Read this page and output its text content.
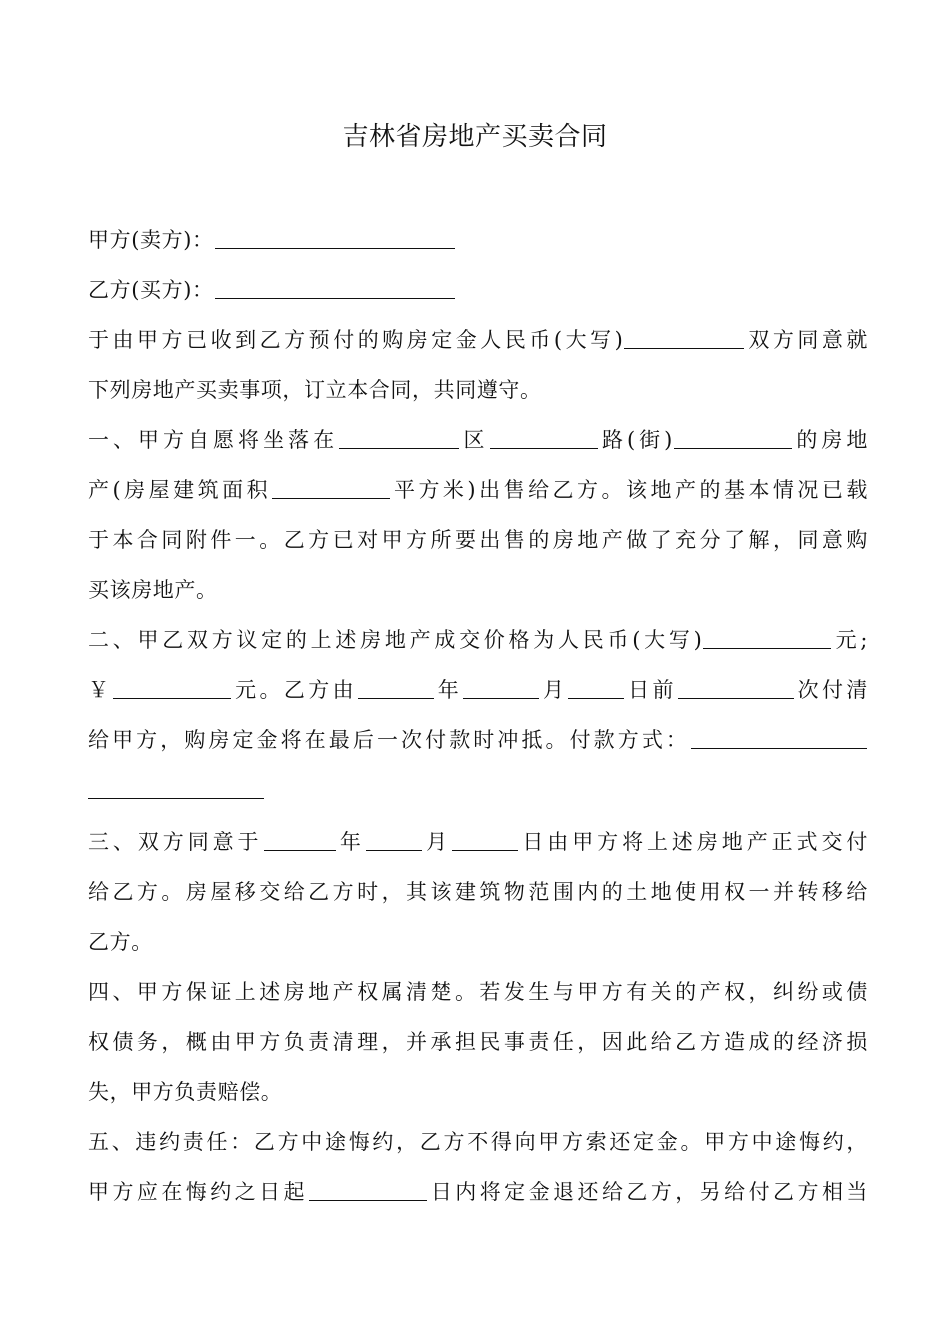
吉林省房地产买卖合同
甲方(卖方)：
乙方(买方)：
于由甲方已收到乙方预付的购房定金人民币(大写)	双方同意就
下列房地产买卖事项，订立本合同，共同遵守。
一、甲方自愿将坐落在	区	路(街)	的房地
产(房屋建筑面积	平方米)出售给乙方。该地产的基本情况已载
于本合同附件一。乙方已对甲方所要出售的房地产做了充分了解，同意购
买该房地产。
二、甲乙双方议定的上述房地产成交价格为人民币(大写)	元;
￥	元。乙方由	年	月	日前	次付清
给甲方，购房定金将在最后一次付款时冲抵。付款方式：
三、双方同意于	年	月	日由甲方将上述房地产正式交付
给乙方。房屋移交给乙方时，其该建筑物范围内的土地使用权一并转移给
乙方。
四、甲方保证上述房地产权属清楚。若发生与甲方有关的产权，纠纷或债
权债务，概由甲方负责清理，并承担民事责任，因此给乙方造成的经济损
失，甲方负责赔偿。
五、违约责任：乙方中途悔约，乙方不得向甲方索还定金。甲方中途悔约，
甲方应在悔约之日起	日内将定金退还给乙方，另给付乙方相当
